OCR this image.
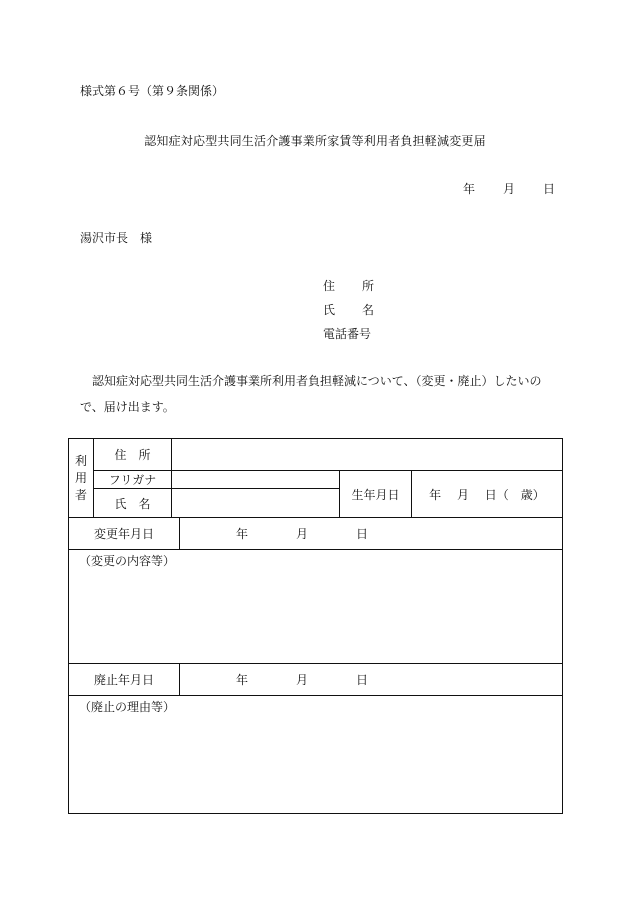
様式第６号（第９条関係）
認知症対応型共同生活介護事業所家賃等利用者負担軽減変更届
年	月	日
湯沢市長　様
住所
氏名
電話番号
認知症対応型共同生活介護事業所利用者負担軽減について、（変更・廃止）したいので、届け出ます。
利用者	住　所				
	フリガナ			生年月日	年　 月　 日（　歳）
	氏　名				
変更年月日			年　　　　月　　　　日		
（変更の内容等）					
廃止年月日			年　　　　月　　　　日		
（廃止の理由等）					
